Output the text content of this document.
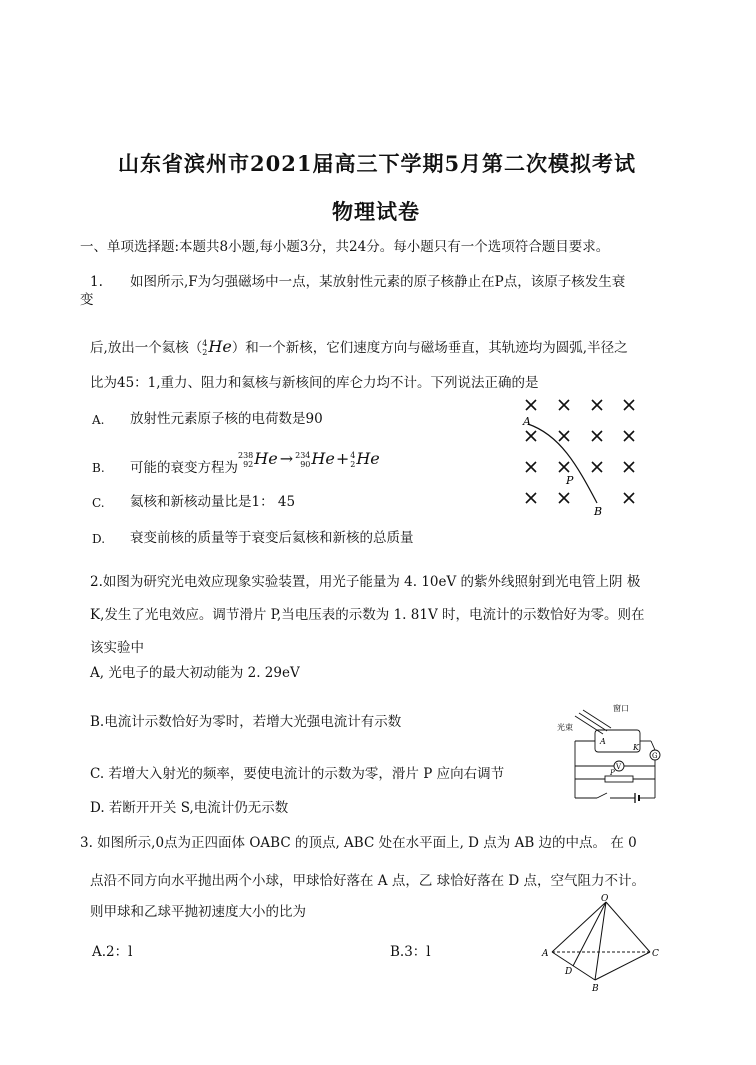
山东省滨州市2021届高三下学期5月第二次模拟考试
物理试卷
一、单项选择题:本题共8小题,每小题3分，共24分。每小题只有一个选项符合题目要求。
1. 如图所示,F为匀强磁场中一点，某放射性元素的原子核静止在P点，该原子核发生衰
变
后,放出一个氦核（4
2He）和一个新核，它们速度方向与磁场垂直，其轨迹均为圆弧,半径之
比为45：1,重力、阻力和氦核与新核间的库仑力均不计。下列说法正确的是
A. 放射性元素原子核的电荷数是90
B. 可能的衰变方程为238
92He → 234
90He+4
2He
C. 氦核和新核动量比是1： 45
D. 衰变前核的质量等于衰变后氦核和新核的总质量
A
P
B
2.如图为研究光电效应现象实验装置，用光子能量为 4. 10eV 的紫外线照射到光电管上阴 极
K,发生了光电效应。调节滑片 P,当电压表的示数为 1. 81V 时，电流计的示数恰好为零。则在
该实验中
A, 光电子的最大初动能为 2. 29eV
B.电流计示数恰好为零时，若增大光强电流计有示数
C. 若增大入射光的频率，要使电流计的示数为零，滑片 P 应向右调节
D. 若断开开关 S,电流计仍无示数
窗口
光束
A
K
G
V
P
3. 如图所示,0点为正四面体 OABC 的顶点, ABC 处在水平面上, D 点为 AB 边的中点。 在 0
点沿不同方向水平抛出两个小球，甲球恰好落在 A 点，乙 球恰好落在 D 点，空气阻力不计。
则甲球和乙球平抛初速度大小的比为
A.2：l	B.3：l
O
A	C
D
B
